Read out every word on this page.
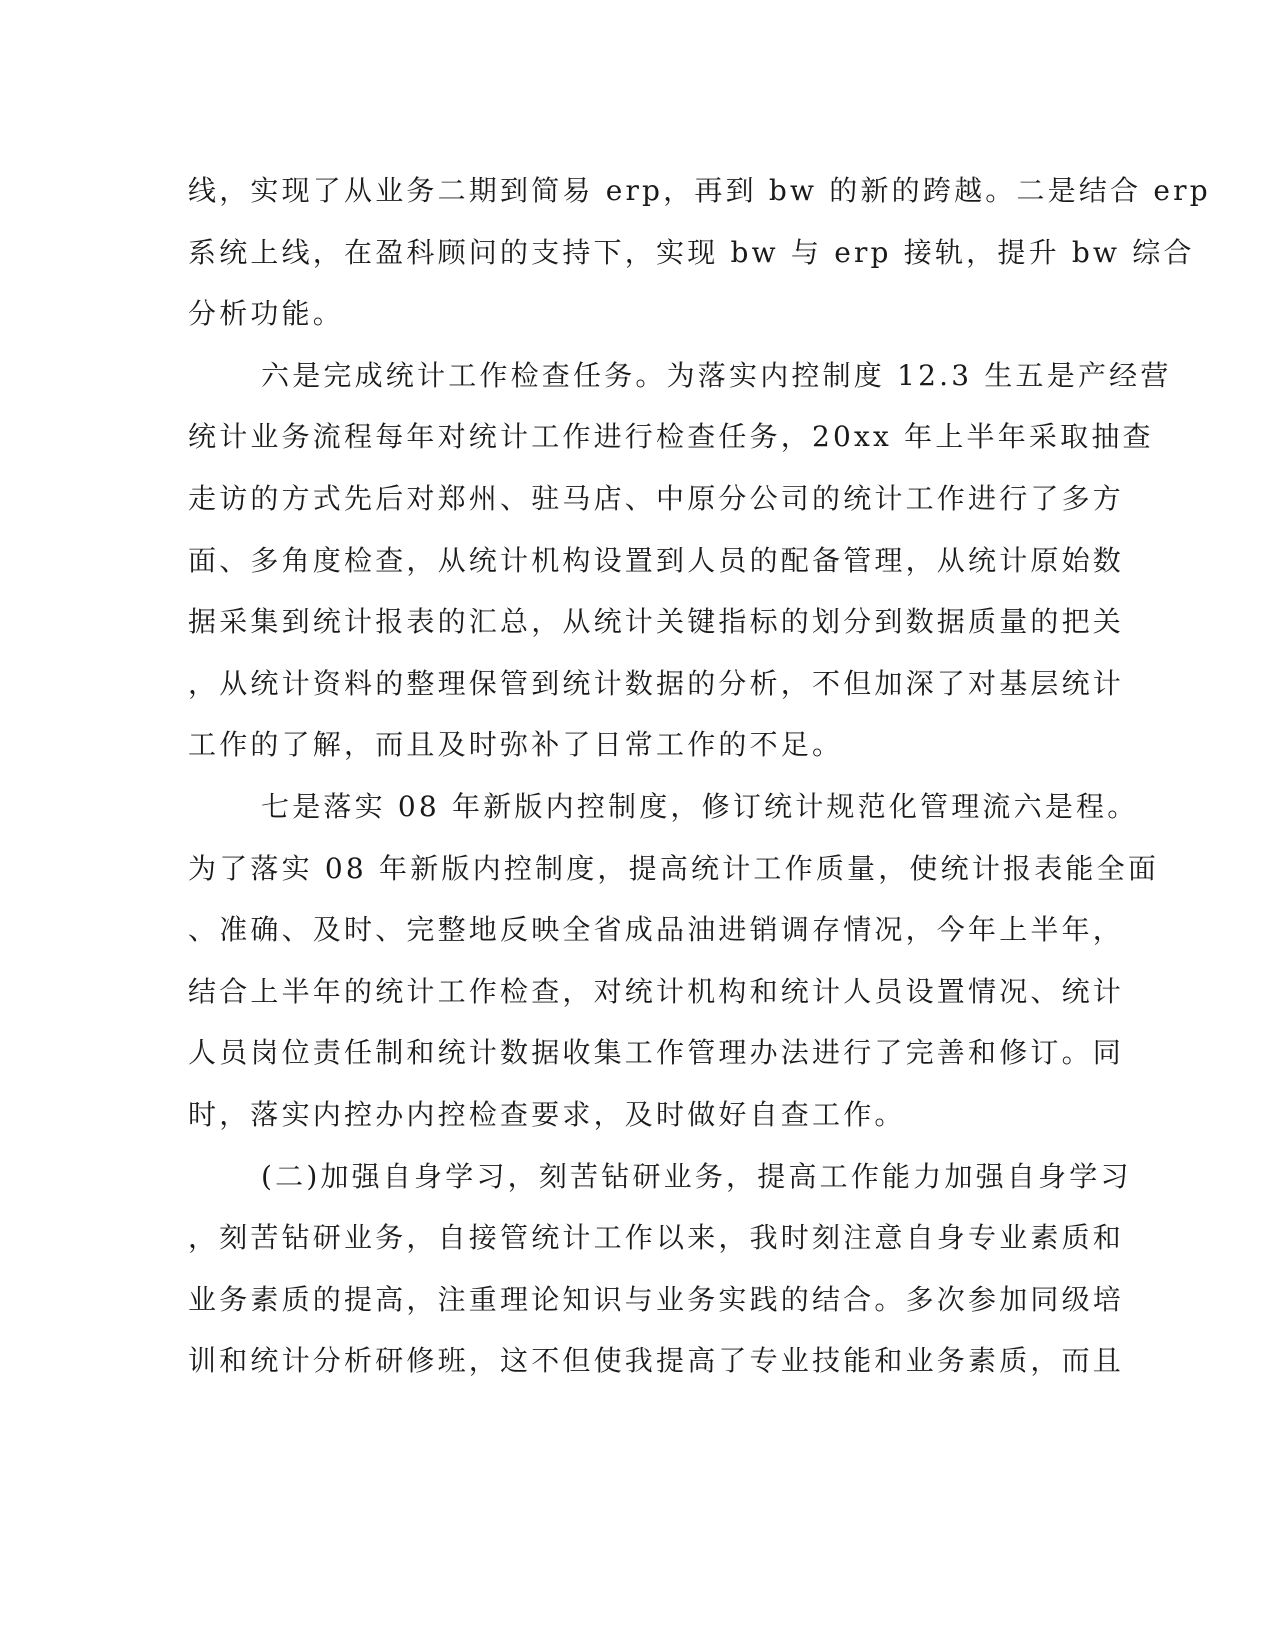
线，实现了从业务二期到简易 erp，再到 bw 的新的跨越。二是结合 erp
系统上线，在盈科顾问的支持下，实现 bw 与 erp 接轨，提升 bw 综合
分析功能。
六是完成统计工作检查任务。为落实内控制度 12.3 生五是产经营
统计业务流程每年对统计工作进行检查任务，20xx 年上半年采取抽查
走访的方式先后对郑州、驻马店、中原分公司的统计工作进行了多方
面、多角度检查，从统计机构设置到人员的配备管理，从统计原始数
据采集到统计报表的汇总，从统计关键指标的划分到数据质量的把关
，从统计资料的整理保管到统计数据的分析，不但加深了对基层统计
工作的了解，而且及时弥补了日常工作的不足。
七是落实 08 年新版内控制度，修订统计规范化管理流六是程。
为了落实 08 年新版内控制度，提高统计工作质量，使统计报表能全面
、准确、及时、完整地反映全省成品油进销调存情况，今年上半年，
结合上半年的统计工作检查，对统计机构和统计人员设置情况、统计
人员岗位责任制和统计数据收集工作管理办法进行了完善和修订。同
时，落实内控办内控检查要求，及时做好自查工作。
(二)加强自身学习，刻苦钻研业务，提高工作能力加强自身学习
，刻苦钻研业务，自接管统计工作以来，我时刻注意自身专业素质和
业务素质的提高，注重理论知识与业务实践的结合。多次参加同级培
训和统计分析研修班，这不但使我提高了专业技能和业务素质，而且
